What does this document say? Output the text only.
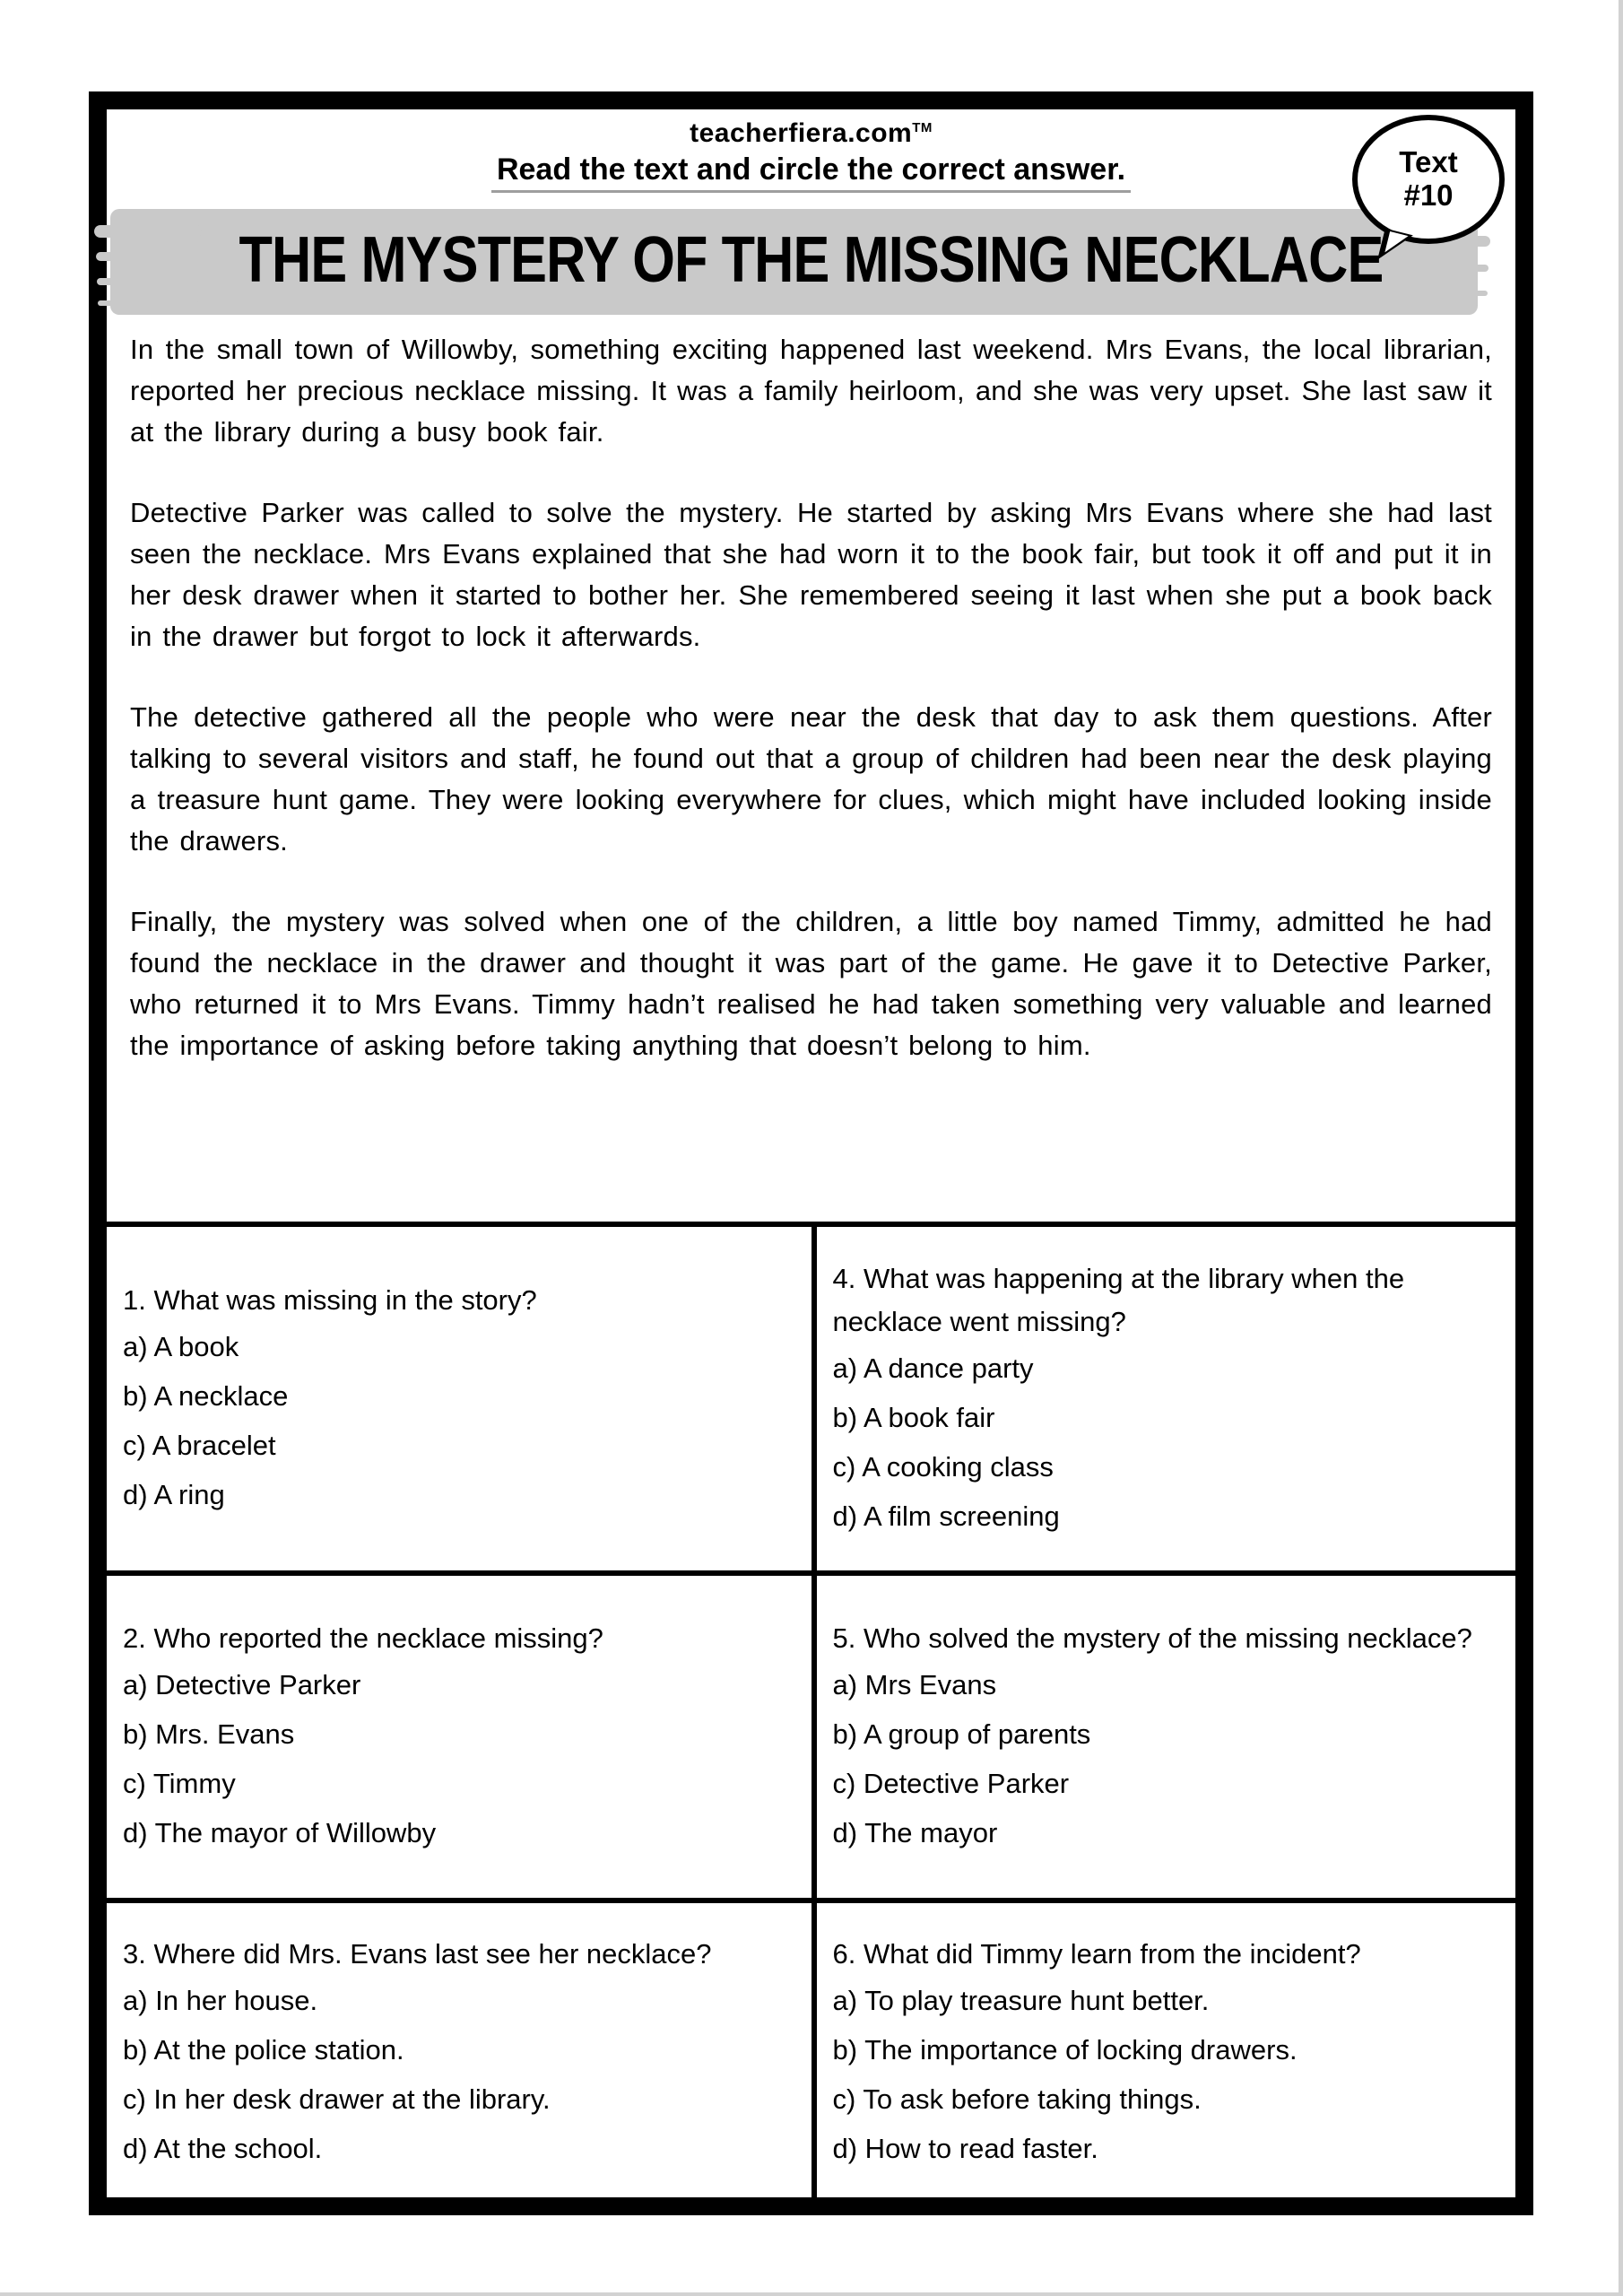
teacherfiera.com™
Read the text and circle the correct answer.	Text
#10
THE MYSTERY OF THE MISSING NECKLACE

In the small town of Willowby, something exciting happened last weekend. Mrs Evans, the local librarian, reported her precious necklace missing. It was a family heirloom, and she was very upset. She last saw it at the library during a busy book fair.

Detective Parker was called to solve the mystery. He started by asking Mrs Evans where she had last seen the necklace. Mrs Evans explained that she had worn it to the book fair, but took it off and put it in her desk drawer when it started to bother her. She remembered seeing it last when she put a book back in the drawer but forgot to lock it afterwards.

The detective gathered all the people who were near the desk that day to ask them questions. After talking to several visitors and staff, he found out that a group of children had been near the desk playing a treasure hunt game. They were looking everywhere for clues, which might have included looking inside the drawers.

Finally, the mystery was solved when one of the children, a little boy named Timmy, admitted he had found the necklace in the drawer and thought it was part of the game. He gave it to Detective Parker, who returned it to Mrs Evans. Timmy hadn’t realised he had taken something very valuable and learned the importance of asking before taking anything that doesn’t belong to him.

1. What was missing in the story?
a) A book
b) A necklace
c) A bracelet
d) A ring
4. What was happening at the library when the necklace went missing?
a) A dance party
b) A book fair
c) A cooking class
d) A film screening
2. Who reported the necklace missing?
a) Detective Parker
b) Mrs. Evans
c) Timmy
d) The mayor of Willowby
5. Who solved the mystery of the missing necklace?
a) Mrs Evans
b) A group of parents
c) Detective Parker
d) The mayor
3. Where did Mrs. Evans last see her necklace?
a) In her house.
b) At the police station.
c) In her desk drawer at the library.
d) At the school.
6. What did Timmy learn from the incident?
a) To play treasure hunt better.
b) The importance of locking drawers.
c) To ask before taking things.
d) How to read faster.
